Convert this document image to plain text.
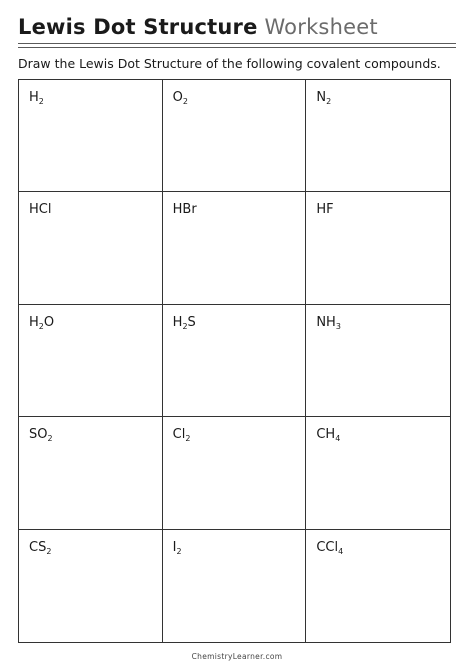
Lewis Dot Structure Worksheet
Draw the Lewis Dot Structure of the following covalent compounds.
$H_2$	$O_2$	$N_2$
HCl	HBr	HF
$H_2O$	$H_2S$	$NH_3$
$SO_2$	$Cl_2$	$CH_4$
$CS_2$	$I_2$	CCl$_4$
ChemistryLearner.com
